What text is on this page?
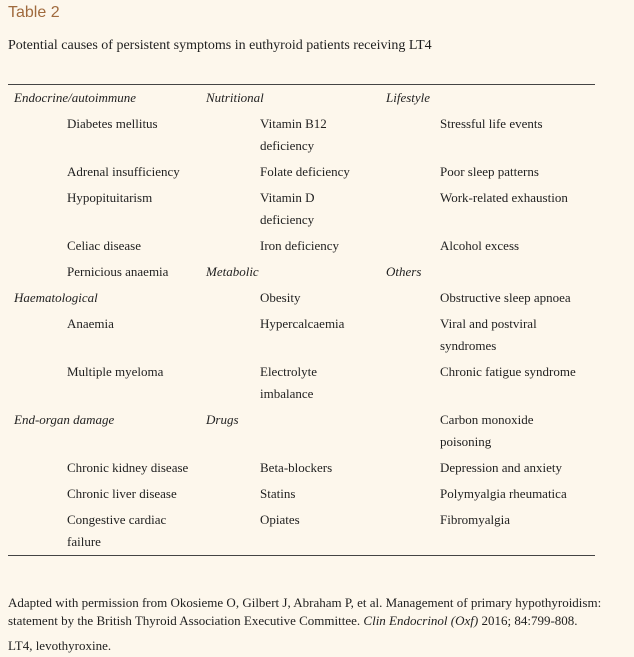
Table 2
Potential causes of persistent symptoms in euthyroid patients receiving LT4
Endocrine/autoimmune
Diabetes mellitus
Adrenal insufficiency
Hypopituitarism
Celiac disease
Pernicious anaemia
Haematological
Anaemia
Multiple myeloma
End-organ damage
Chronic kidney disease
Chronic liver disease
Congestive cardiac
failure
Nutritional
Vitamin B12
deficiency
Folate deficiency
Vitamin D
deficiency
Iron deficiency
Metabolic
Obesity
Hypercalcaemia
Electrolyte
imbalance
Drugs
Beta-blockers
Statins
Opiates
Lifestyle
Stressful life events
Poor sleep patterns
Work-related exhaustion
Alcohol excess
Others
Obstructive sleep apnoea
Viral and postviral
syndromes
Chronic fatigue syndrome
Carbon monoxide
poisoning
Depression and anxiety
Polymyalgia rheumatica
Fibromyalgia
Adapted with permission from Okosieme O, Gilbert J, Abraham P, et al. Management of primary hypothyroidism:
statement by the British Thyroid Association Executive Committee. Clin Endocrinol (Oxf) 2016; 84:799-808.
LT4, levothyroxine.
